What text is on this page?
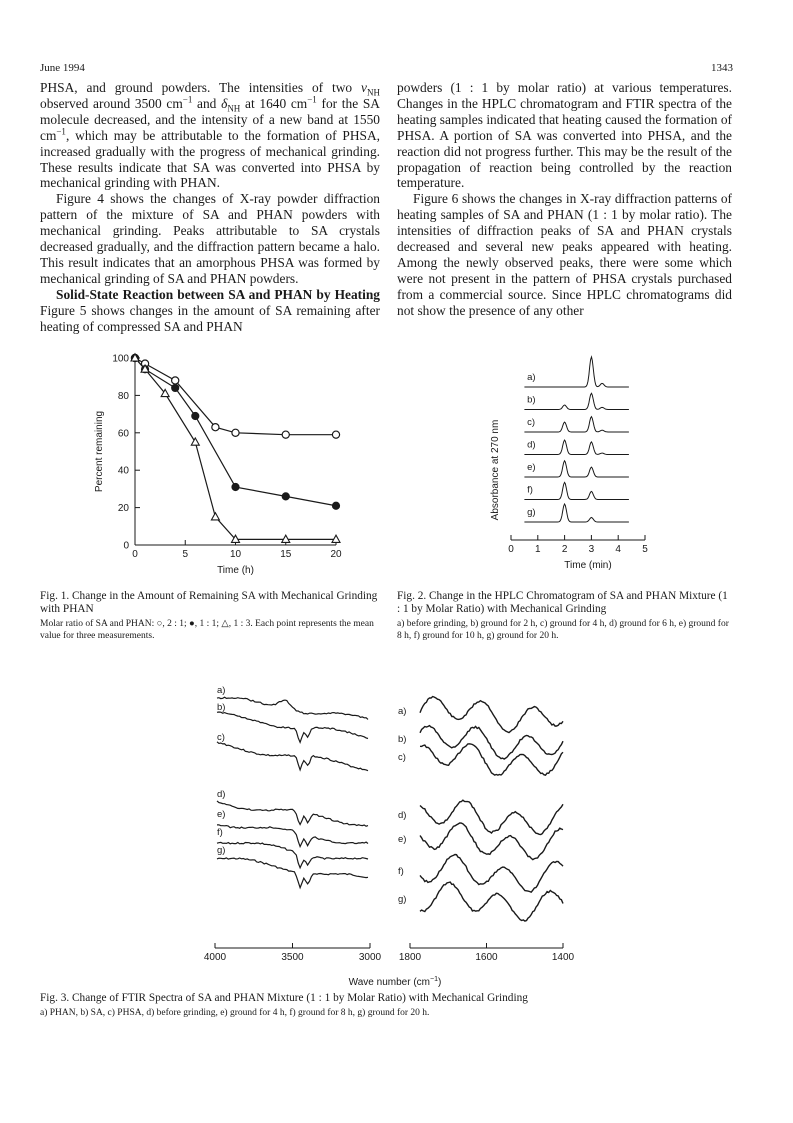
June 1994	1343

PHSA, and ground powders. The intensities of two $\nu_{NH}$ observed around 3500 $cm^{-1}$ and $\delta_{NH}$ at 1640 $cm^{-1}$ for the SA molecule decreased, and the intensity of a new band at 1550 $cm^{-1}$, which may be attributable to the formation of PHSA, increased gradually with the progress of mechanical grinding. These results indicate that SA was converted into PHSA by mechanical grinding with PHAN.

Figure 4 shows the changes of X-ray powder diffraction pattern of the mixture of SA and PHAN powders with mechanical grinding. Peaks attributable to SA crystals decreased gradually, and the diffraction pattern became a halo. This result indicates that an amorphous PHSA was formed by mechanical grinding of SA and PHAN powders.

Solid-State Reaction between SA and PHAN by Heating Figure 5 shows changes in the amount of SA remaining after heating of compressed SA and PHAN

powders (1 : 1 by molar ratio) at various temperatures. Changes in the HPLC chromatogram and FTIR spectra of the heating samples indicated that heating caused the formation of PHSA. A portion of SA was converted into PHSA, and the reaction did not progress further. This may be the result of the propagation of reaction being controlled by the reaction temperature.

Figure 6 shows the changes in X-ray diffraction patterns of heating samples of SA and PHAN (1 : 1 by molar ratio). The intensities of diffraction peaks of SA and PHAN crystals decreased and several new peaks appeared with heating. Among the newly observed peaks, there were some which were not present in the pattern of PHSA crystals purchased from a commercial source. Since HPLC chromatograms did not show the presence of any other

0
20
40
60
80
100
0	5	10	15	20
Time (h)
Percent remaining
Fig. 1. Change in the Amount of Remaining SA with Mechanical Grinding with PHAN
Molar ratio of SA and PHAN: ○, 2 : 1; ●, 1 : 1; △, 1 : 3. Each point represents the mean value for three measurements.
a)
b)
c)
d)
e)
f)
g)
0 1 2 3 4 5
Time (min)
Absorbance at 270 nm
Fig. 2. Change in the HPLC Chromatogram of SA and PHAN Mixture (1 : 1 by Molar Ratio) with Mechanical Grinding
a) before grinding, b) ground for 2 h, c) ground for 4 h, d) ground for 6 h, e) ground for 8 h, f) ground for 10 h, g) ground for 20 h.
Wave number $(cm^{-1})$
4000	3500	3000 1800	1600	1400
a)
b)
c)
d)
e)
f)
g)
a)
b)
c)
d)
e)
f)
g)
Fig. 3. Change of FTIR Spectra of SA and PHAN Mixture (1 : 1 by Molar Ratio) with Mechanical Grinding
a) PHAN, b) SA, c) PHSA, d) before grinding, e) ground for 4 h, f) ground for 8 h, g) ground for 20 h.
